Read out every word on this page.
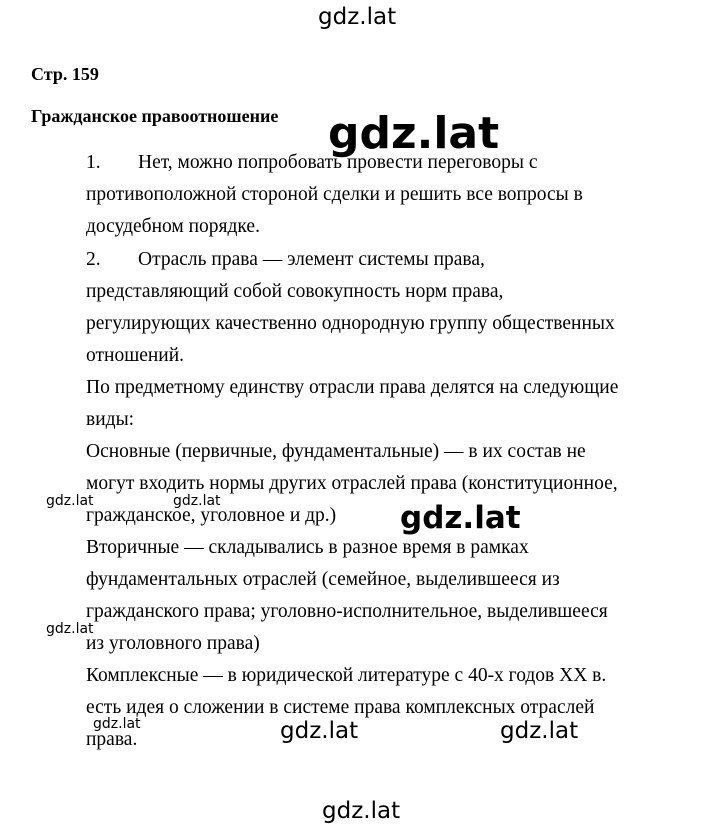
Стр. 159
Гражданское правоотношение
1. Нет, можно попробовать провести переговоры с
противоположной стороной сделки и решить все вопросы в
досудебном порядке.
2. Отрасль права — элемент системы права,
представляющий собой совокупность норм права,
регулирующих качественно однородную группу общественных
отношений.
По предметному единству отрасли права делятся на следующие
виды:
Основные (первичные, фундаментальные) — в их состав не
могут входить нормы других отраслей права (конституционное,
гражданское, уголовное и др.)
Вторичные — складывались в разное время в рамках
фундаментальных отраслей (семейное, выделившееся из
гражданского права; уголовно-исполнительное, выделившееся
из уголовного права)
Комплексные — в юридической литературе с 40-х годов XX в.
есть идея о сложении в системе права комплексных отраслей
права.
gdz.lat
gdz.lat
gdz.lat
gdz.lat	gdz.lat
gdz.lat
gdz.lat	gdz.lat	gdz.lat
gdz.lat
